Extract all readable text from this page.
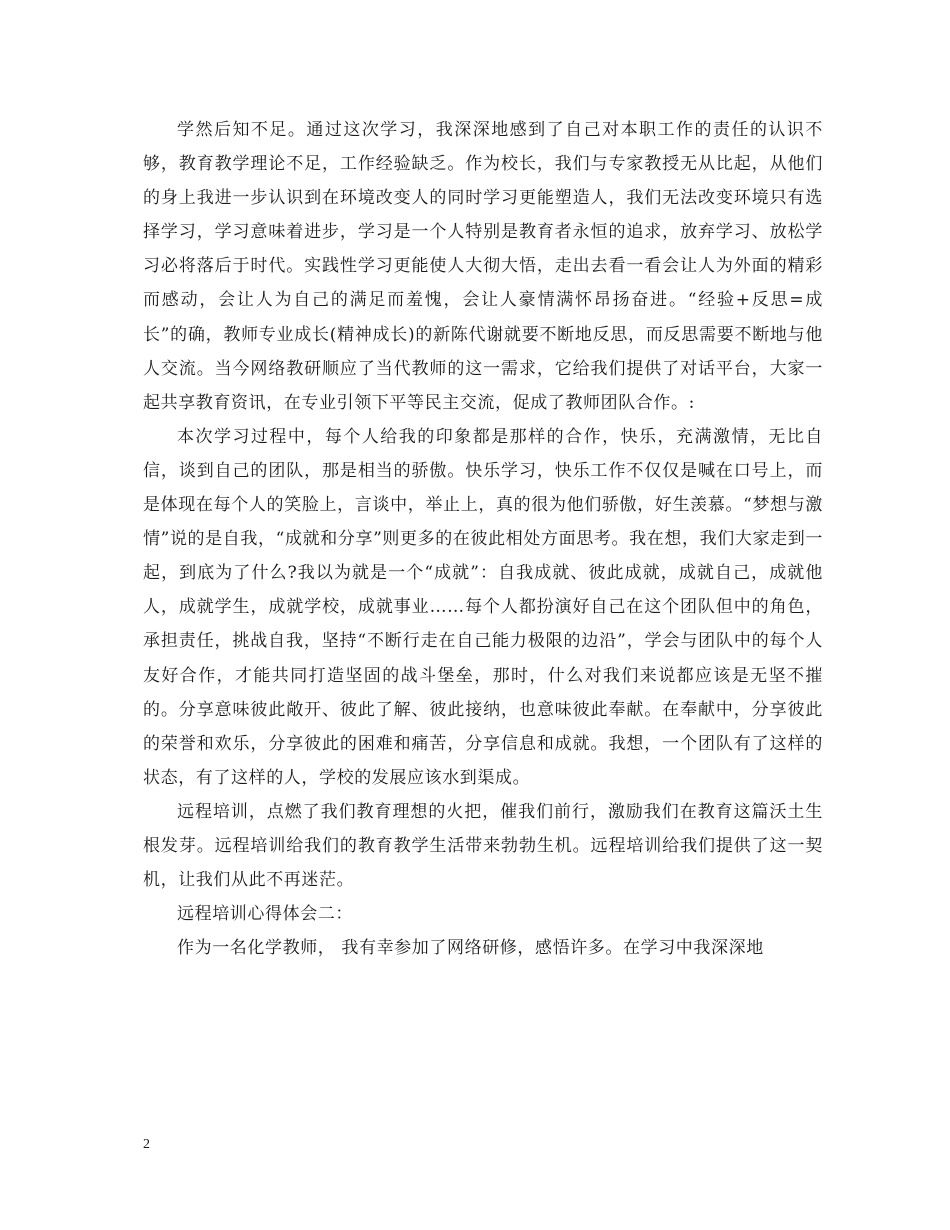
学然后知不足。通过这次学习，我深深地感到了自己对本职工作的责任的认识不够，教育教学理论不足，工作经验缺乏。作为校长，我们与专家教授无从比起，从他们的身上我进一步认识到在环境改变人的同时学习更能塑造人，我们无法改变环境只有选择学习，学习意味着进步，学习是一个人特别是教育者永恒的追求，放弃学习、放松学习必将落后于时代。实践性学习更能使人大彻大悟，走出去看一看会让人为外面的精彩而感动，会让人为自己的满足而羞愧，会让人豪情满怀昂扬奋进。“经验+反思=成长”的确，教师专业成长(精神成长)的新陈代谢就要不断地反思，而反思需要不断地与他人交流。当今网络教研顺应了当代教师的这一需求，它给我们提供了对话平台，大家一起共享教育资讯，在专业引领下平等民主交流，促成了教师团队合作。:

本次学习过程中，每个人给我的印象都是那样的合作，快乐，充满激情，无比自信，谈到自己的团队，那是相当的骄傲。快乐学习，快乐工作不仅仅是喊在口号上，而是体现在每个人的笑脸上，言谈中，举止上，真的很为他们骄傲，好生羡慕。“梦想与激情”说的是自我，“成就和分享”则更多的在彼此相处方面思考。我在想，我们大家走到一起，到底为了什么?我以为就是一个“成就”：自我成就、彼此成就，成就自己，成就他人，成就学生，成就学校，成就事业……每个人都扮演好自己在这个团队但中的角色，承担责任，挑战自我，坚持“不断行走在自己能力极限的边沿”，学会与团队中的每个人友好合作，才能共同打造坚固的战斗堡垒，那时，什么对我们来说都应该是无坚不摧的。分享意味彼此敞开、彼此了解、彼此接纳，也意味彼此奉献。在奉献中，分享彼此的荣誉和欢乐，分享彼此的困难和痛苦，分享信息和成就。我想，一个团队有了这样的状态，有了这样的人，学校的发展应该水到渠成。

远程培训，点燃了我们教育理想的火把，催我们前行，激励我们在教育这篇沃土生根发芽。远程培训给我们的教育教学生活带来勃勃生机。远程培训给我们提供了这一契机，让我们从此不再迷茫。

远程培训心得体会二：

作为一名化学教师， 我有幸参加了网络研修，感悟许多。在学习中我深深地

2
